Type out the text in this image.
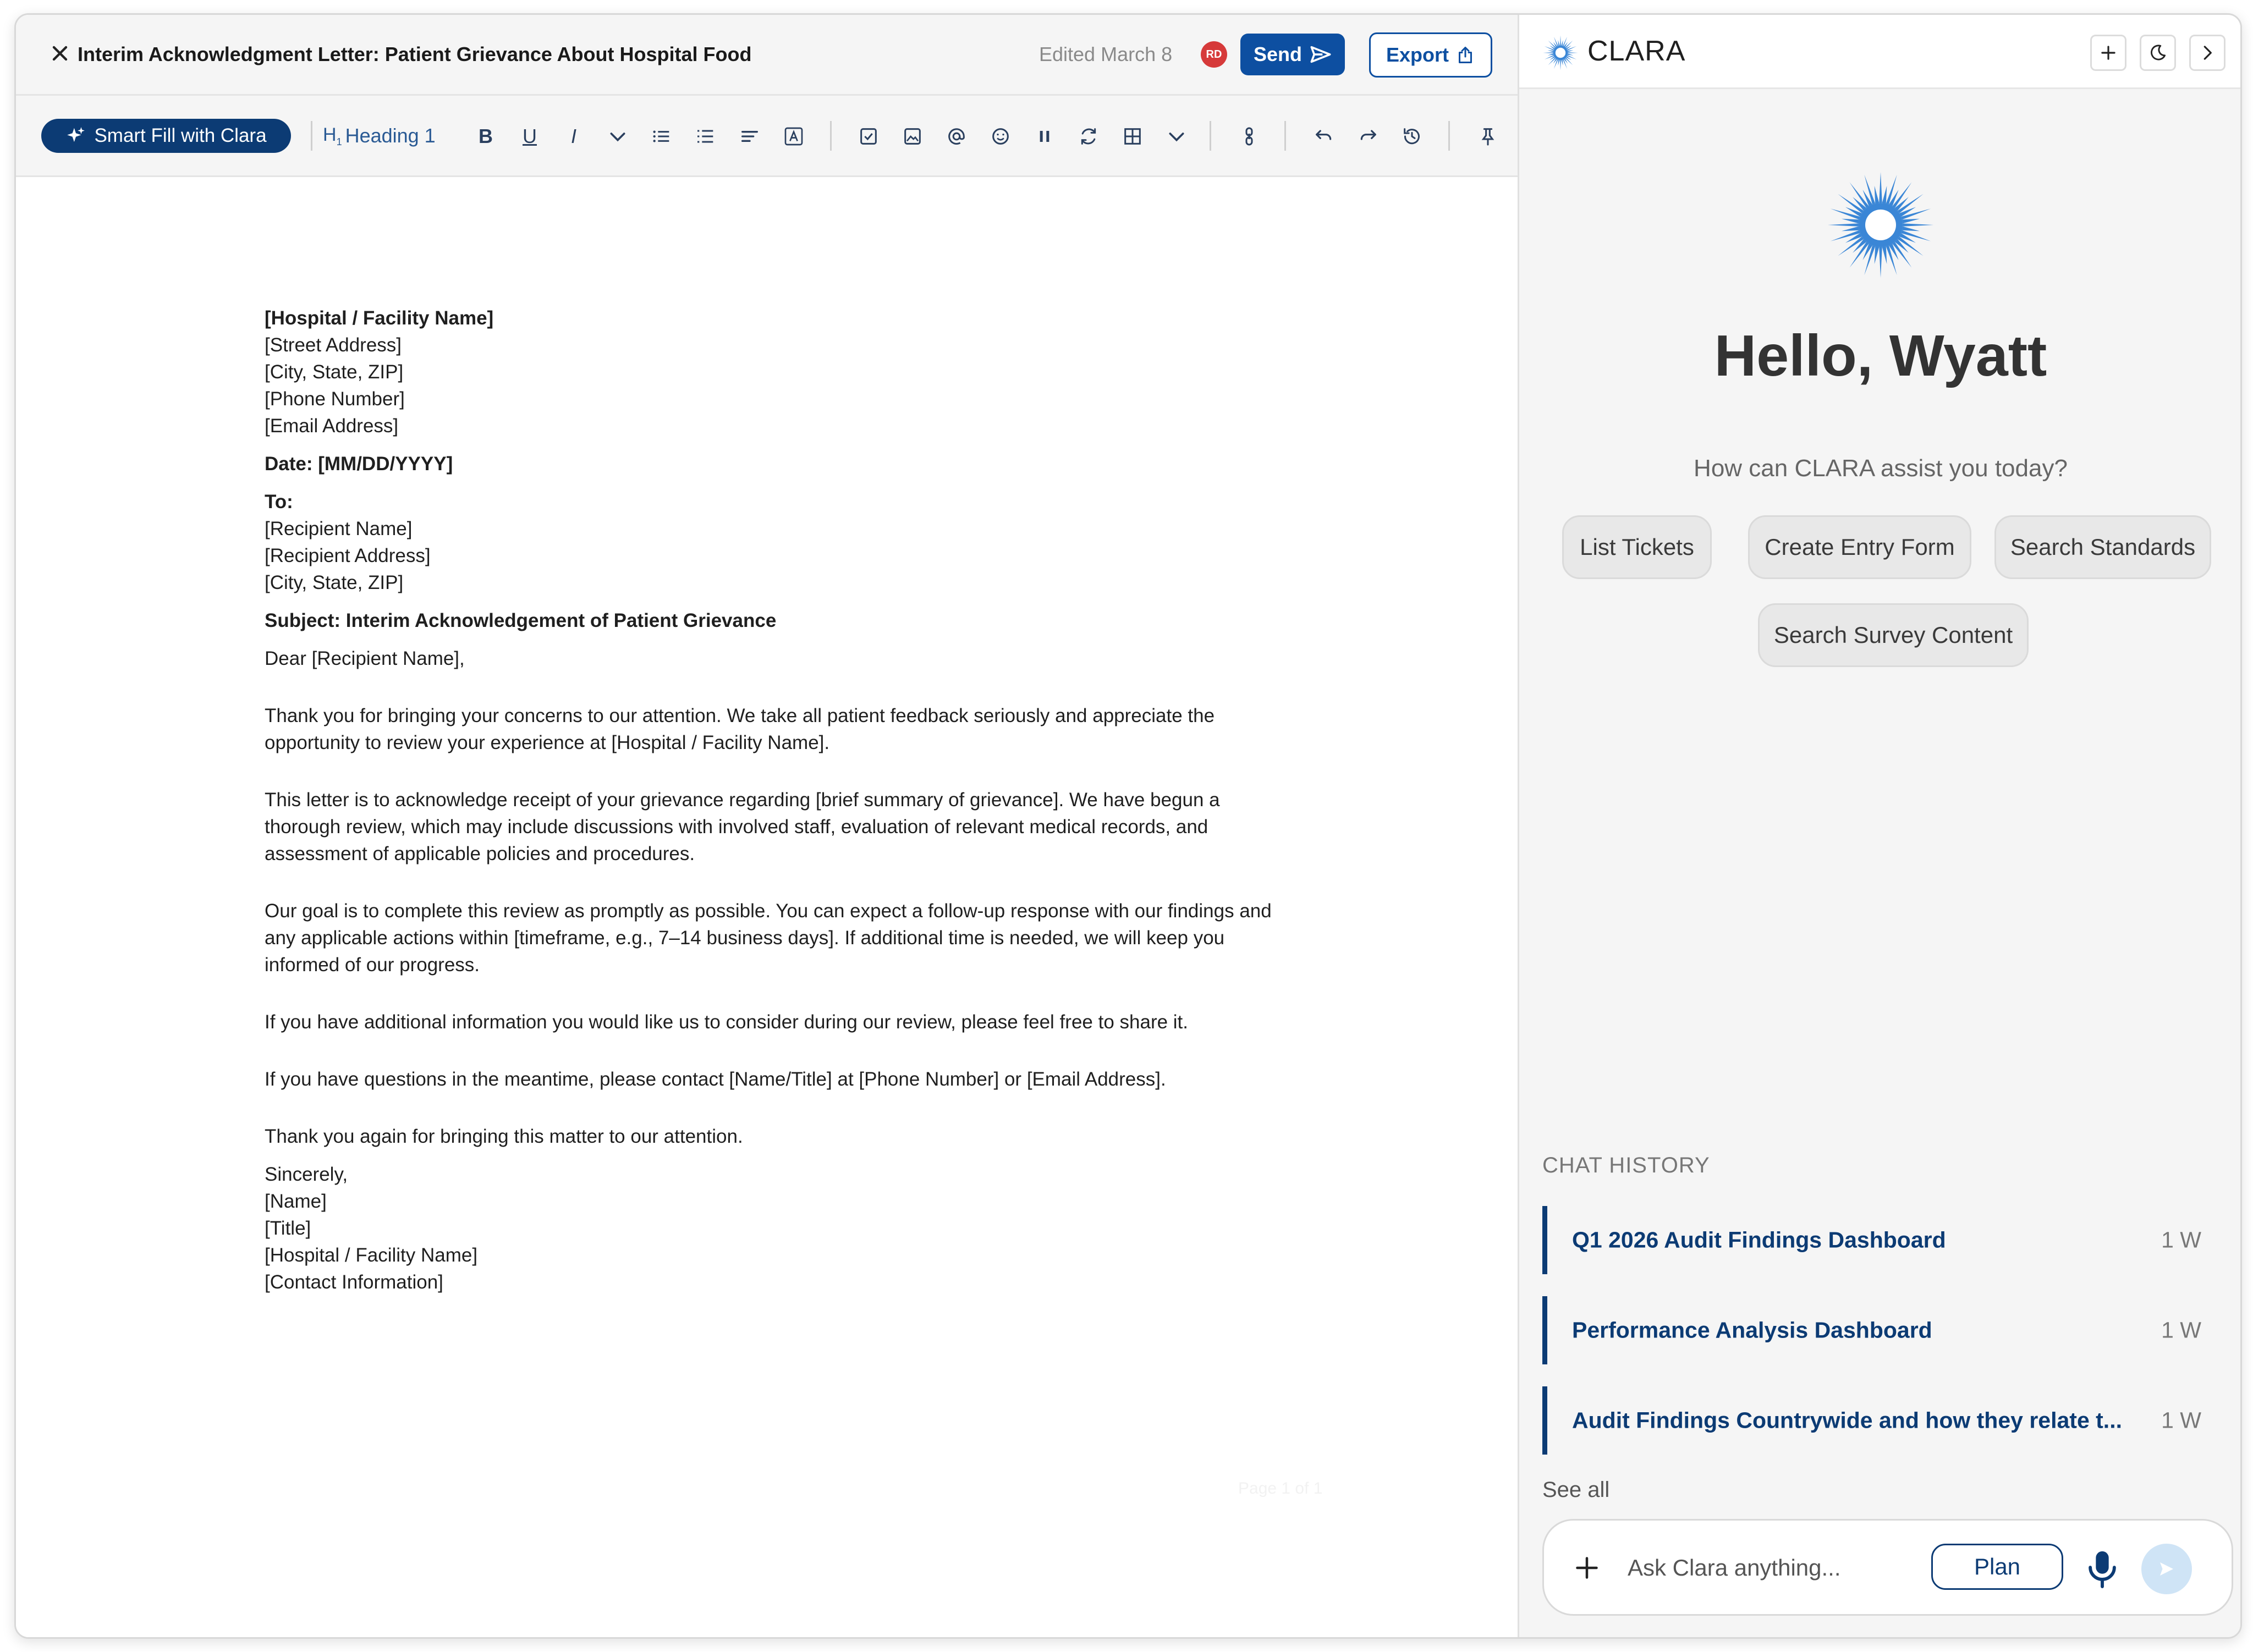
Interim Acknowledgment Letter: Patient Grievance About Hospital Food	Edited March 8	RD Send	Export
Smart Fill with Clara	$H_1$ Heading 1	B	U	I

[Hospital / Facility Name]

[Street Address]

[City, State, ZIP]

[Phone Number]

[Email Address]

Date: [MM/DD/YYYY]

To:

[Recipient Name]

[Recipient Address]

[City, State, ZIP]

Subject: Interim Acknowledgement of Patient Grievance

Dear [Recipient Name],

Thank you for bringing your concerns to our attention. We take all patient feedback seriously and appreciate the opportunity to review your experience at [Hospital / Facility Name].

This letter is to acknowledge receipt of your grievance regarding [brief summary of grievance]. We have begun a thorough review, which may include discussions with involved staff, evaluation of relevant medical records, and assessment of applicable policies and procedures.

Our goal is to complete this review as promptly as possible. You can expect a follow-up response with our findings and any applicable actions within [timeframe, e.g., 7–14 business days]. If additional time is needed, we will keep you informed of our progress.

If you have additional information you would like us to consider during our review, please feel free to share it.

If you have questions in the meantime, please contact [Name/Title] at [Phone Number] or [Email Address].

Thank you again for bringing this matter to our attention.

Sincerely,

[Name]

[Title]

[Hospital / Facility Name]

[Contact Information]

Page 1 of 1
CLARA
Hello, Wyatt
How can CLARA assist you today?
List Tickets	Create Entry Form	Search Standards
Search Survey Content
CHAT HISTORY
Q1 2026 Audit Findings Dashboard	1 W
Performance Analysis Dashboard	1 W
Audit Findings Countrywide and how they relate t... 1 W
See all
Ask Clara anything...
Plan
